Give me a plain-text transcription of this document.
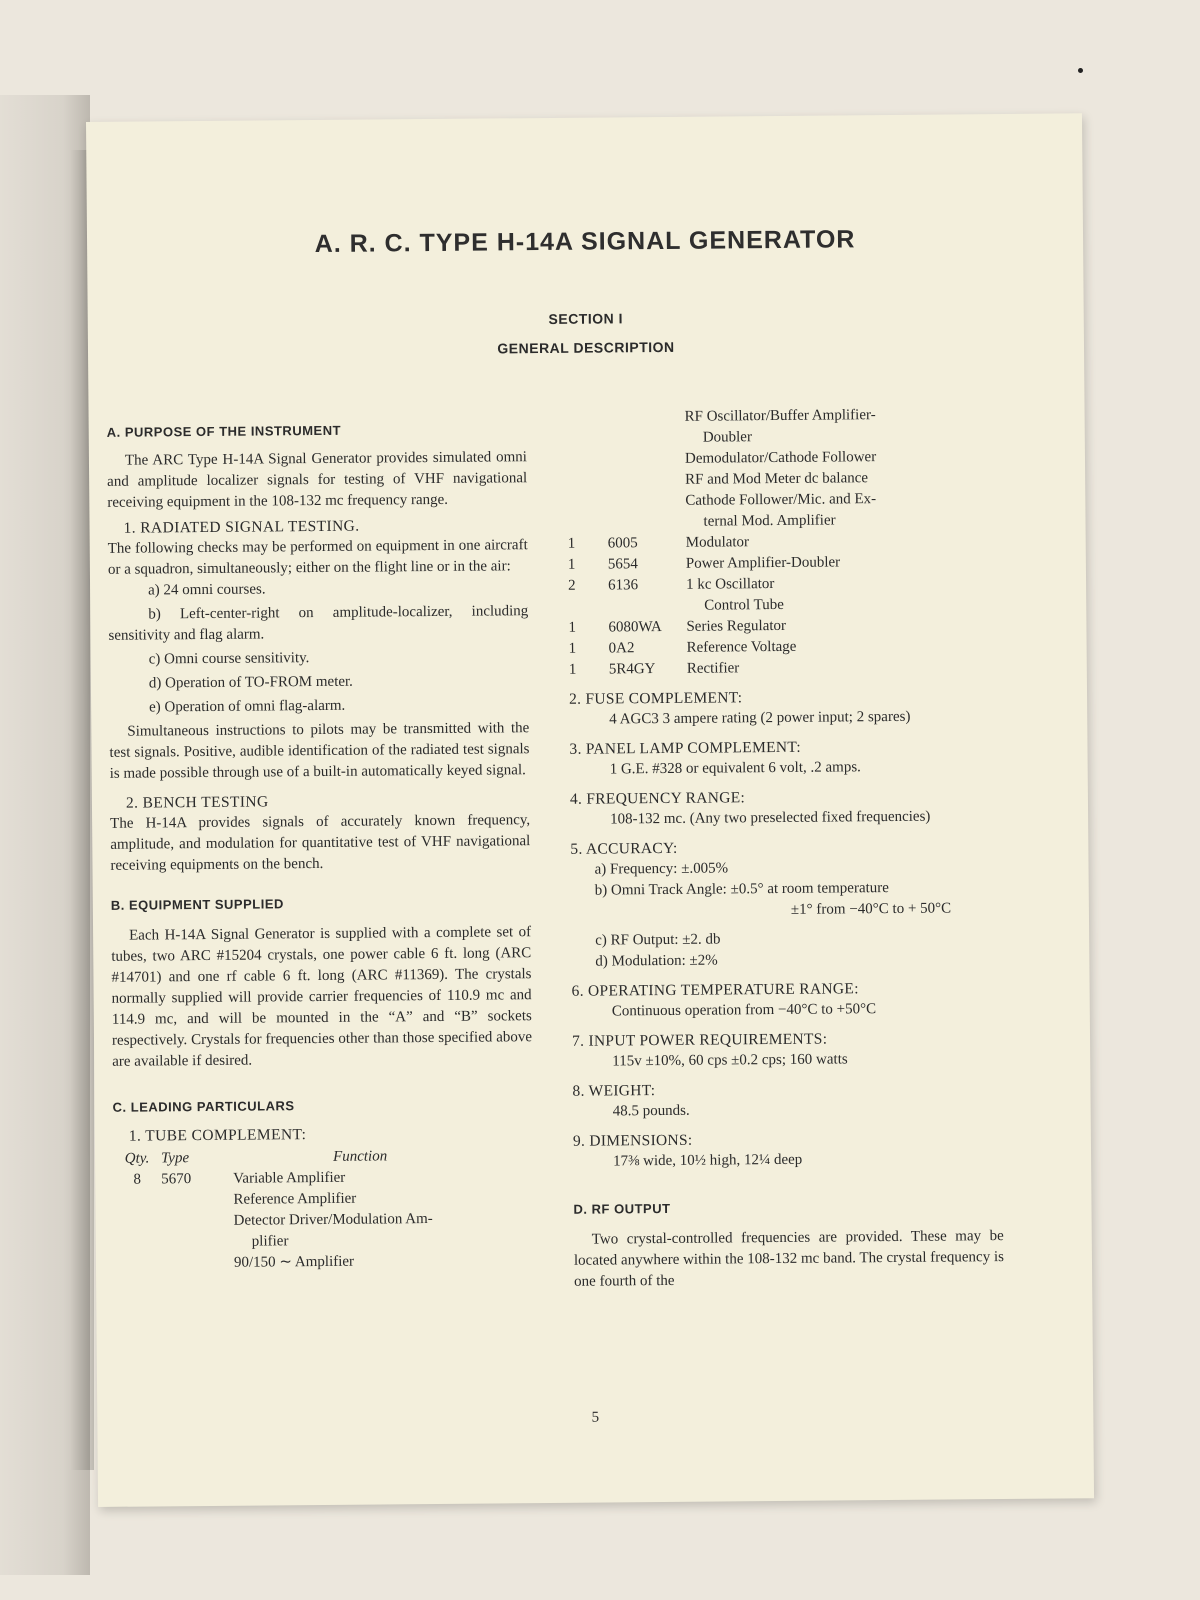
A. R. C. TYPE H-14A SIGNAL GENERATOR
SECTION I
GENERAL DESCRIPTION

A. PURPOSE OF THE INSTRUMENT

The ARC Type H-14A Signal Generator provides simulated omni and amplitude localizer signals for testing of VHF navigational receiving equipment in the 108-132 mc frequency range.

1. RADIATED SIGNAL TESTING.

The following checks may be performed on equipment in one aircraft or a squadron, simultaneously; either on the flight line or in the air:

a) 24 omni courses.

b) Left-center-right on amplitude-localizer, including sensitivity and flag alarm.

c) Omni course sensitivity.

d) Operation of TO-FROM meter.

e) Operation of omni flag-alarm.

Simultaneous instructions to pilots may be transmitted with the test signals. Positive, audible identification of the radiated test signals is made possible through use of a built-in automatically keyed signal.

2. BENCH TESTING

The H-14A provides signals of accurately known frequency, amplitude, and modulation for quantitative test of VHF navigational receiving equipments on the bench.

B. EQUIPMENT SUPPLIED

Each H-14A Signal Generator is supplied with a complete set of tubes, two ARC #15204 crystals, one power cable 6 ft. long (ARC #14701) and one rf cable 6 ft. long (ARC #11369). The crystals normally supplied will provide carrier frequencies of 110.9 mc and 114.9 mc, and will be mounted in the “A” and “B” sockets respectively. Crystals for frequencies other than those specified above are available if desired.

C. LEADING PARTICULARS

1. TUBE COMPLEMENT:

Qty. Type	Function
8	5670	Variable Amplifier
Reference Amplifier
Detector Driver/Modulation Am-
plifier
90/150 ∼ Amplifier
RF Oscillator/Buffer Amplifier-
Doubler
Demodulator/Cathode Follower
RF and Mod Meter dc balance
Cathode Follower/Mic. and Ex-
ternal Mod. Amplifier
1	6005	Modulator
1	5654	Power Amplifier-Doubler
2	6136	1 kc Oscillator
Control Tube
1	6080WA	Series Regulator
1	0A2	Reference Voltage
1	5R4GY	Rectifier

2. FUSE COMPLEMENT:

4 AGC3 3 ampere rating (2 power input; 2 spares)

3. PANEL LAMP COMPLEMENT:

1 G.E. #328 or equivalent 6 volt, .2 amps.

4. FREQUENCY RANGE:

108-132 mc. (Any two preselected fixed frequencies)

5. ACCURACY:

a) Frequency: ±.005%

b) Omni Track Angle: ±0.5° at room temperature

±1° from −40°C to + 50°C

c) RF Output: ±2. db

d) Modulation: ±2%

6. OPERATING TEMPERATURE RANGE:

Continuous operation from −40°C to +50°C

7. INPUT POWER REQUIREMENTS:

115v ±10%, 60 cps ±0.2 cps; 160 watts

8. WEIGHT:

48.5 pounds.

9. DIMENSIONS:

17⅜ wide, 10½ high, 12¼ deep

D. RF OUTPUT

Two crystal-controlled frequencies are provided. These may be located anywhere within the 108-132 mc band. The crystal frequency is one fourth of the

5
